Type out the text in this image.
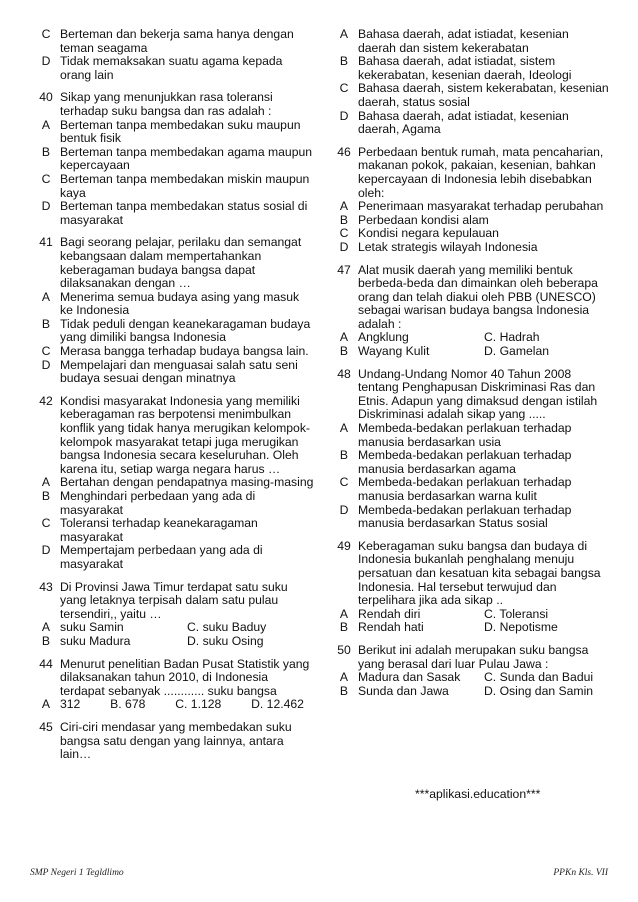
C Berteman dan bekerja sama hanya dengan teman seagama
D Tidak memaksakan suatu agama kepada orang lain
40 Sikap yang menunjukkan rasa toleransi terhadap suku bangsa dan ras adalah :
A Berteman tanpa membedakan suku maupun bentuk fisik
B Berteman tanpa membedakan agama maupun kepercayaan
C Berteman tanpa membedakan miskin maupun kaya
D Berteman tanpa membedakan status sosial di masyarakat
41 Bagi seorang pelajar, perilaku dan semangat kebangsaan dalam mempertahankan keberagaman budaya bangsa dapat dilaksanakan dengan …
A Menerima semua budaya asing yang masuk ke Indonesia
B Tidak peduli dengan keanekaragaman budaya yang dimiliki bangsa Indonesia
C Merasa bangga terhadap budaya bangsa lain.
D Mempelajari dan menguasai salah satu seni budaya sesuai dengan minatnya
42 Kondisi masyarakat Indonesia yang memiliki keberagaman ras berpotensi menimbulkan konflik yang tidak hanya merugikan kelompok-kelompok masyarakat tetapi juga merugikan bangsa Indonesia secara keseluruhan. Oleh karena itu, setiap warga negara harus …
A Bertahan dengan pendapatnya masing-masing
B Menghindari perbedaan yang ada di masyarakat
C Toleransi terhadap keanekaragaman masyarakat
D Mempertajam perbedaan yang ada di masyarakat
43 Di Provinsi Jawa Timur terdapat satu suku yang letaknya terpisah dalam satu pulau tersendiri,, yaitu …
A suku Samin	C. suku Baduy
B suku Madura	D. suku Osing
44 Menurut penelitian Badan Pusat Statistik yang dilaksanakan tahun 2010, di Indonesia terdapat sebanyak ............ suku bangsa
A 312 B. 678 C. 1.128 D. 12.462
45 Ciri-ciri mendasar yang membedakan suku bangsa satu dengan yang lainnya, antara lain…
A Bahasa daerah, adat istiadat, kesenian daerah dan sistem kekerabatan
B Bahasa daerah, adat istiadat, sistem kekerabatan, kesenian daerah, Ideologi
C Bahasa daerah, sistem kekerabatan, kesenian daerah, status sosial
D Bahasa daerah, adat istiadat, kesenian daerah, Agama
46 Perbedaan bentuk rumah, mata pencaharian, makanan pokok, pakaian, kesenian, bahkan kepercayaan di Indonesia lebih disebabkan oleh:
A Penerimaan masyarakat terhadap perubahan
B Perbedaan kondisi alam
C Kondisi negara kepulauan
D Letak strategis wilayah Indonesia
47 Alat musik daerah yang memiliki bentuk berbeda-beda dan dimainkan oleh beberapa orang dan telah diakui oleh PBB (UNESCO) sebagai warisan budaya bangsa Indonesia adalah :
A Angklung	C. Hadrah
B Wayang Kulit	D. Gamelan
48 Undang-Undang Nomor 40 Tahun 2008 tentang Penghapusan Diskriminasi Ras dan Etnis. Adapun yang dimaksud dengan istilah Diskriminasi adalah sikap yang .....
A Membeda-bedakan perlakuan terhadap manusia berdasarkan usia
B Membeda-bedakan perlakuan terhadap manusia berdasarkan agama
C Membeda-bedakan perlakuan terhadap manusia berdasarkan warna kulit
D Membeda-bedakan perlakuan terhadap manusia berdasarkan Status sosial
49 Keberagaman suku bangsa dan budaya di Indonesia bukanlah penghalang menuju persatuan dan kesatuan kita sebagai bangsa Indonesia. Hal tersebut terwujud dan terpelihara jika ada sikap ..
A Rendah diri	C. Toleransi
B Rendah hati	D. Nepotisme
50 Berikut ini adalah merupakan suku bangsa yang berasal dari luar Pulau Jawa :
A Madura dan Sasak	C. Sunda dan Badui
B Sunda dan Jawa	D. Osing dan Samin
***aplikasi.education***
SMP Negeri 1 Tegldlimo	PPKn Kls. VII
